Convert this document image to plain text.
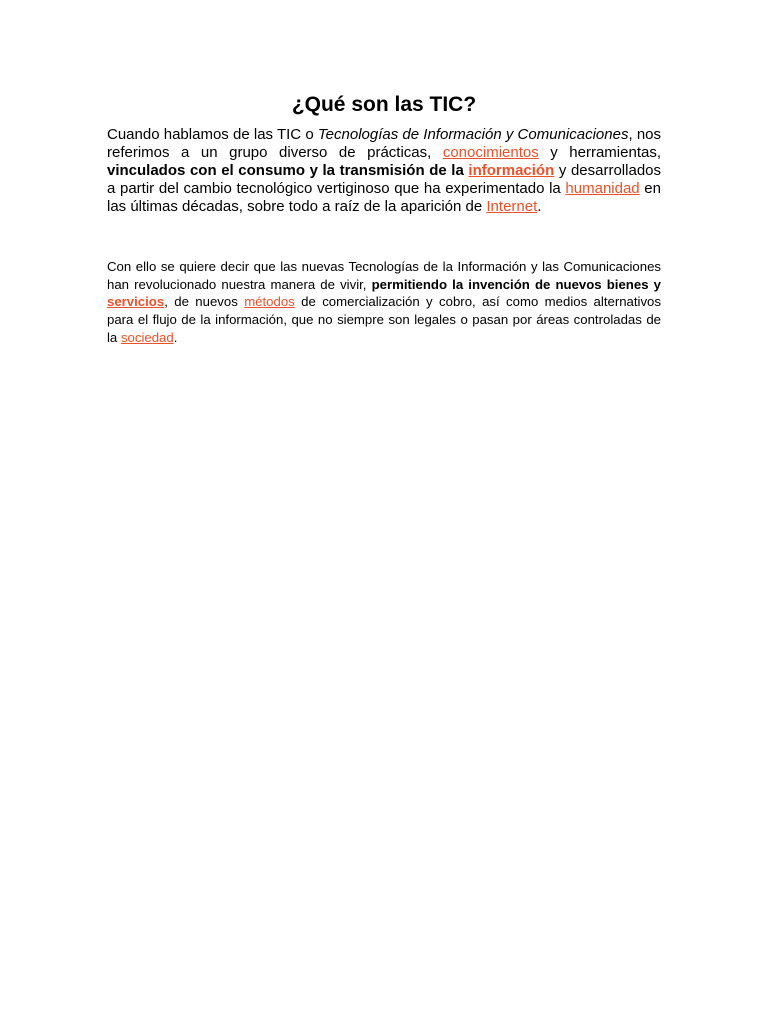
¿Qué son las TIC?

Cuando hablamos de las TIC o Tecnologías de Información y Comunicaciones, nos referimos a un grupo diverso de prácticas, conocimientos y herramientas, vinculados con el consumo y la transmisión de la información y desarrollados a partir del cambio tecnológico vertiginoso que ha experimentado la humanidad en las últimas décadas, sobre todo a raíz de la aparición de Internet.

Con ello se quiere decir que las nuevas Tecnologías de la Información y las Comunicaciones han revolucionado nuestra manera de vivir, permitiendo la invención de nuevos bienes y servicios, de nuevos métodos de comercialización y cobro, así como medios alternativos para el flujo de la información, que no siempre son legales o pasan por áreas controladas de la sociedad.
